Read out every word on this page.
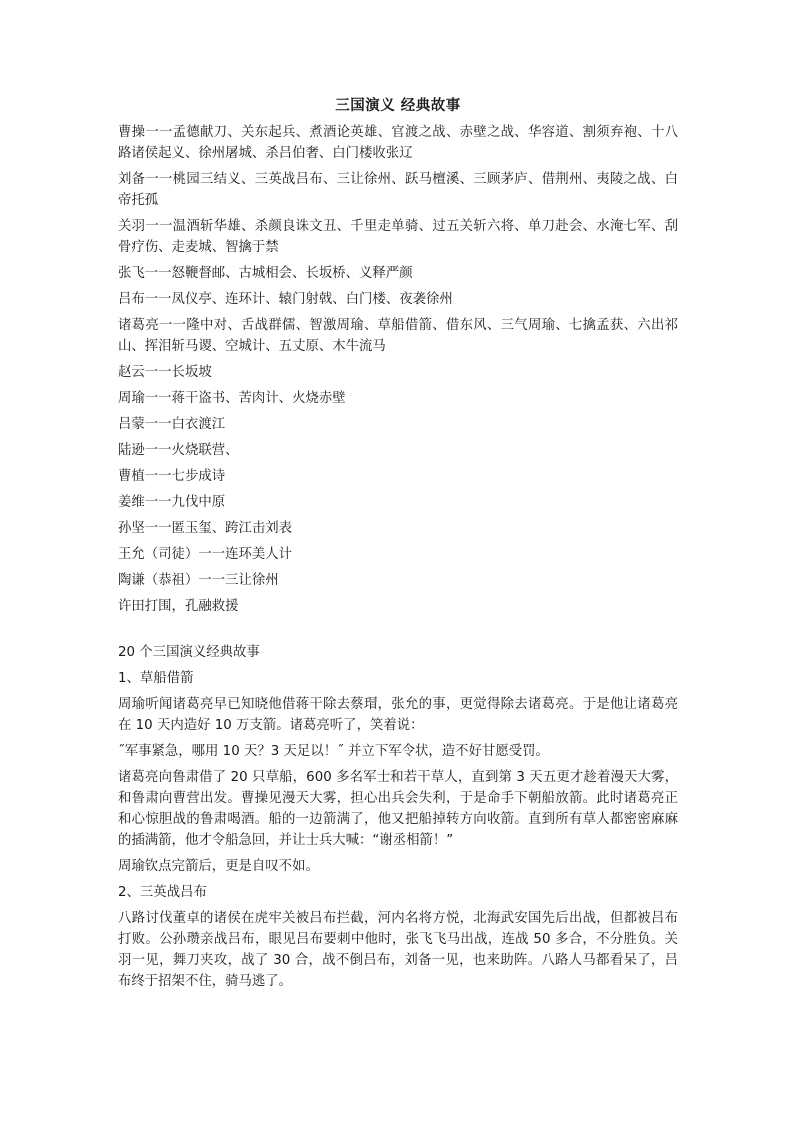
三国演义 经典故事
曹操一一孟德献刀、关东起兵、煮酒论英雄、官渡之战、赤壁之战、华容道、割须弃袍、十八路诸侯起义、徐州屠城、杀吕伯奢、白门楼收张辽
刘备一一桃园三结义、三英战吕布、三让徐州、跃马檀溪、三顾茅庐、借荆州、夷陵之战、白帝托孤
关羽一一温酒斩华雄、杀颜良诛文丑、千里走单骑、过五关斩六将、单刀赴会、水淹七军、刮骨疗伤、走麦城、智擒于禁
张飞一一怒鞭督邮、古城相会、长坂桥、义释严颜
吕布一一凤仪亭、连环计、辕门射戟、白门楼、夜袭徐州
诸葛亮一一隆中对、舌战群儒、智激周瑜、草船借箭、借东风、三气周瑜、七擒孟获、六出祁山、挥泪斩马谡、空城计、五丈原、木牛流马
赵云一一长坂坡
周瑜一一蒋干盗书、苦肉计、火烧赤壁
吕蒙一一白衣渡江
陆逊一一火烧联营、
曹植一一七步成诗
姜维一一九伐中原
孙坚一一匿玉玺、跨江击刘表
王允（司徒）一一连环美人计
陶谦（恭祖）一一三让徐州
许田打围，孔融救援
20 个三国演义经典故事
1、草船借箭
周瑜听闻诸葛亮早已知晓他借蒋干除去蔡瑁，张允的事，更觉得除去诸葛亮。于是他让诸葛亮在 10 天内造好 10 万支箭。诸葛亮听了，笑着说：
˝军事紧急，哪用 10 天？3 天足以！˝ 并立下军令状，造不好甘愿受罚。
诸葛亮向鲁肃借了 20 只草船，600 多名军士和若干草人，直到第 3 天五更才趁着漫天大雾，和鲁肃向曹营出发。曹操见漫天大雾，担心出兵会失利，于是命手下朝船放箭。此时诸葛亮正和心惊胆战的鲁肃喝酒。船的一边箭满了，他又把船掉转方向收箭。直到所有草人都密密麻麻的插满箭，他才令船急回，并让士兵大喊：“谢丞相箭！”
周瑜钦点完箭后，更是自叹不如。
2、三英战吕布
八路讨伐董卓的诸侯在虎牢关被吕布拦截，河内名将方悦，北海武安国先后出战，但都被吕布打败。公孙瓒亲战吕布，眼见吕布要刺中他时，张飞飞马出战，连战 50 多合，不分胜负。关羽一见，舞刀夹攻，战了 30 合，战不倒吕布，刘备一见，也来助阵。八路人马都看呆了，吕布终于招架不住，骑马逃了。
